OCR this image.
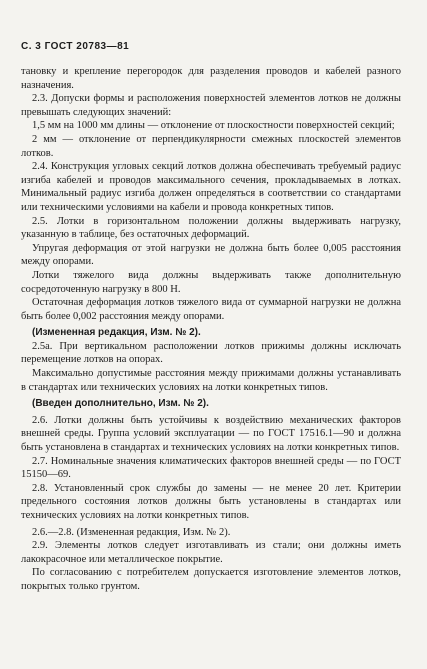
С. 3 ГОСТ 20783—81

тановку и крепление перегородок для разделения проводов и кабелей разного назначения.

2.3. Допуски формы и расположения поверхностей элементов лотков не должны превышать следующих значений:

1,5 мм на 1000 мм длины — отклонение от плоскостности поверхностей секций;

2 мм — отклонение от перпендикулярности смежных плоскостей элементов лотков.

2.4. Конструкция угловых секций лотков должна обеспечивать требуемый радиус изгиба кабелей и проводов максимального сечения, прокладываемых в лотках. Минимальный радиус изгиба должен определяться в соответствии со стандартами или техническими условиями на кабели и провода конкретных типов.

2.5. Лотки в горизонтальном положении должны выдерживать нагрузку, указанную в таблице, без остаточных деформаций.

Упругая деформация от этой нагрузки не должна быть более 0,005 расстояния между опорами.

Лотки тяжелого вида должны выдерживать также дополнительную сосредоточенную нагрузку в 800 Н.

Остаточная деформация лотков тяжелого вида от суммарной нагрузки не должна быть более 0,002 расстояния между опорами.

(Измененная редакция, Изм. № 2).

2.5а. При вертикальном расположении лотков прижимы должны исключать перемещение лотков на опорах.

Максимально допустимые расстояния между прижимами должны устанавливать в стандартах или технических условиях на лотки конкретных типов.

(Введен дополнительно, Изм. № 2).

2.6. Лотки должны быть устойчивы к воздействию механических факторов внешней среды. Группа условий эксплуатации — по ГОСТ 17516.1—90 и должна быть установлена в стандартах и технических условиях на лотки конкретных типов.

2.7. Номинальные значения климатических факторов внешней среды — по ГОСТ 15150—69.

2.8. Установленный срок службы до замены — не менее 20 лет. Критерии предельного состояния лотков должны быть установлены в стандартах или технических условиях на лотки конкретных типов.

2.6.—2.8. (Измененная редакция, Изм. № 2).

2.9. Элементы лотков следует изготавливать из стали; они должны иметь лакокрасочное или металлическое покрытие.

По согласованию с потребителем допускается изготовление элементов лотков, покрытых только грунтом.
